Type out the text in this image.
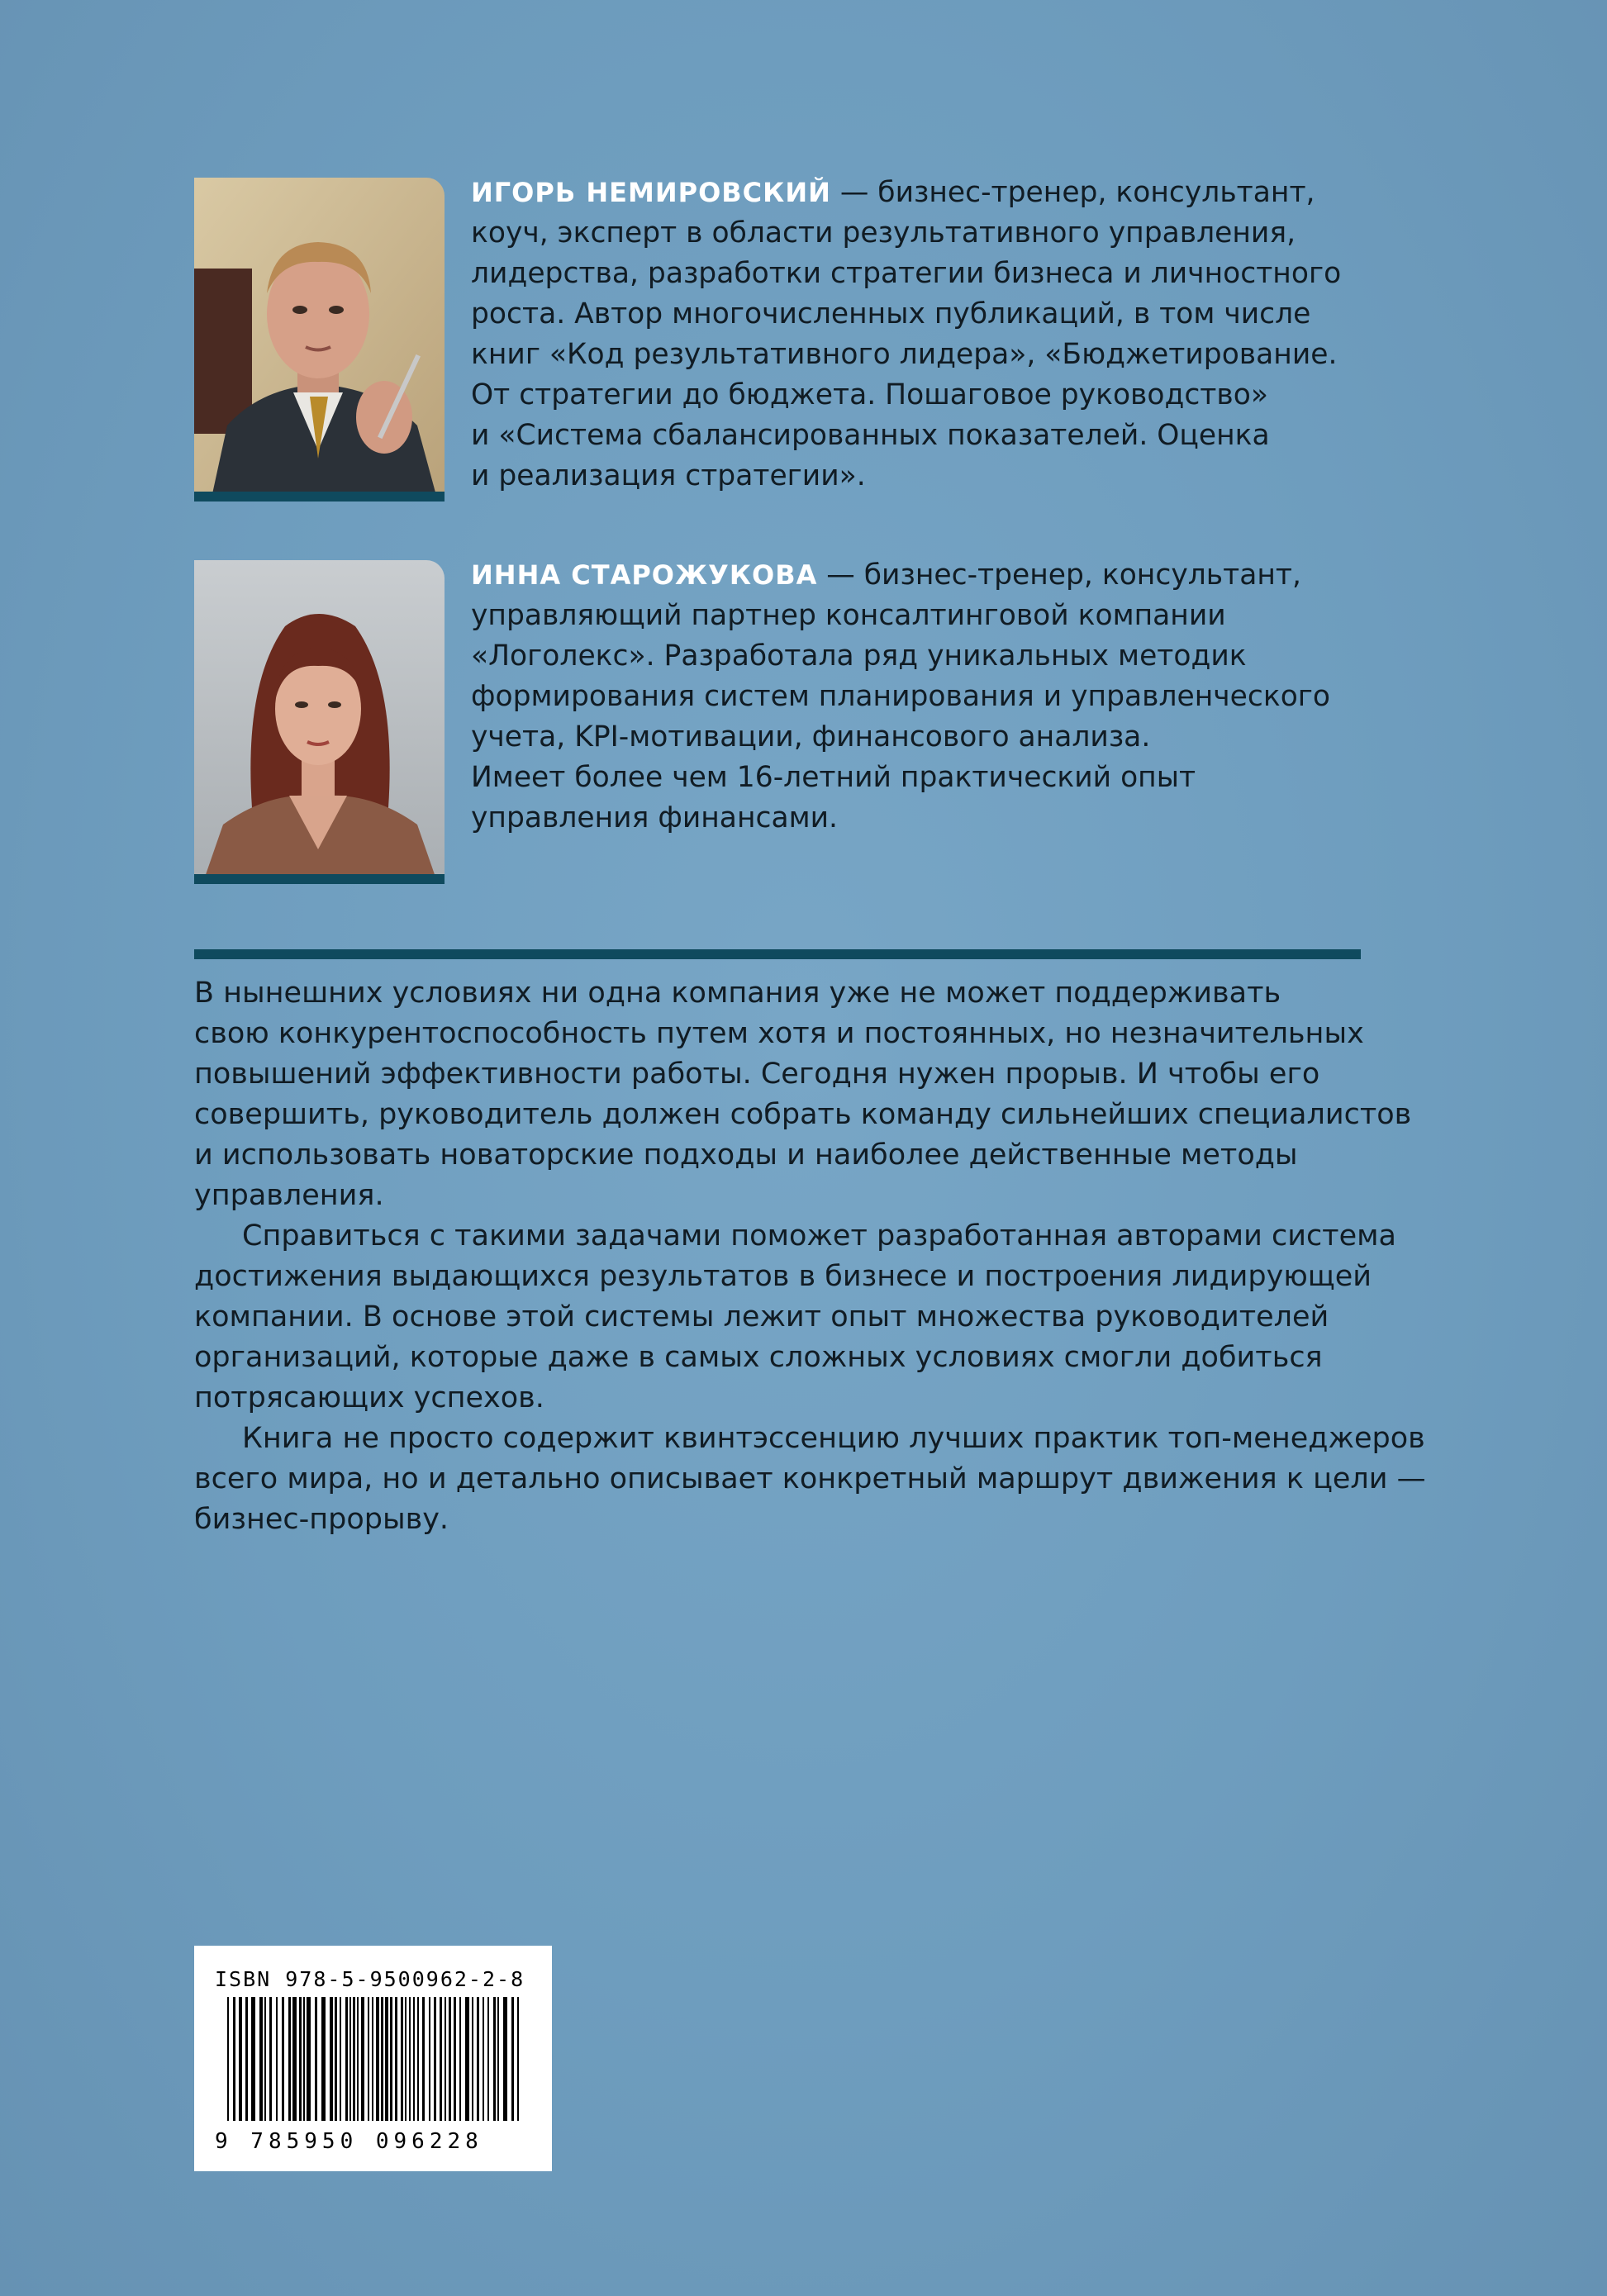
ИГОРЬ НЕМИРОВСКИЙ — бизнес-тренер, консультант,
коуч, эксперт в области результативного управления,
лидерства, разработки стратегии бизнеса и личностного
роста. Автор многочисленных публикаций, в том числе
книг «Код результативного лидера», «Бюджетирование.
От стратегии до бюджета. Пошаговое руководство»
и «Система сбалансированных показателей. Оценка
и реализация стратегии».
ИННА СТАРОЖУКОВА — бизнес-тренер, консультант,
управляющий партнер консалтинговой компании
«Логолекс». Разработала ряд уникальных методик
формирования систем планирования и управленческого
учета, KPI-мотивации, финансового анализа.
Имеет более чем 16-летний практический опыт
управления финансами.
В нынешних условиях ни одна компания уже не может поддерживать
свою конкурентоспособность путем хотя и постоянных, но незначительных
повышений эффективности работы. Сегодня нужен прорыв. И чтобы его
совершить, руководитель должен собрать команду сильнейших специалистов
и использовать новаторские подходы и наиболее действенные методы
управления.
Справиться с такими задачами поможет разработанная авторами система
достижения выдающихся результатов в бизнесе и построения лидирующей
компании. В основе этой системы лежит опыт множества руководителей
организаций, которые даже в самых сложных условиях смогли добиться
потрясающих успехов.
Книга не просто содержит квинтэссенцию лучших практик топ-менеджеров
всего мира, но и детально описывает конкретный маршрут движения к цели —
бизнес-прорыву.
ISBN 978-5-9500962-2-8
9 785950 096228
